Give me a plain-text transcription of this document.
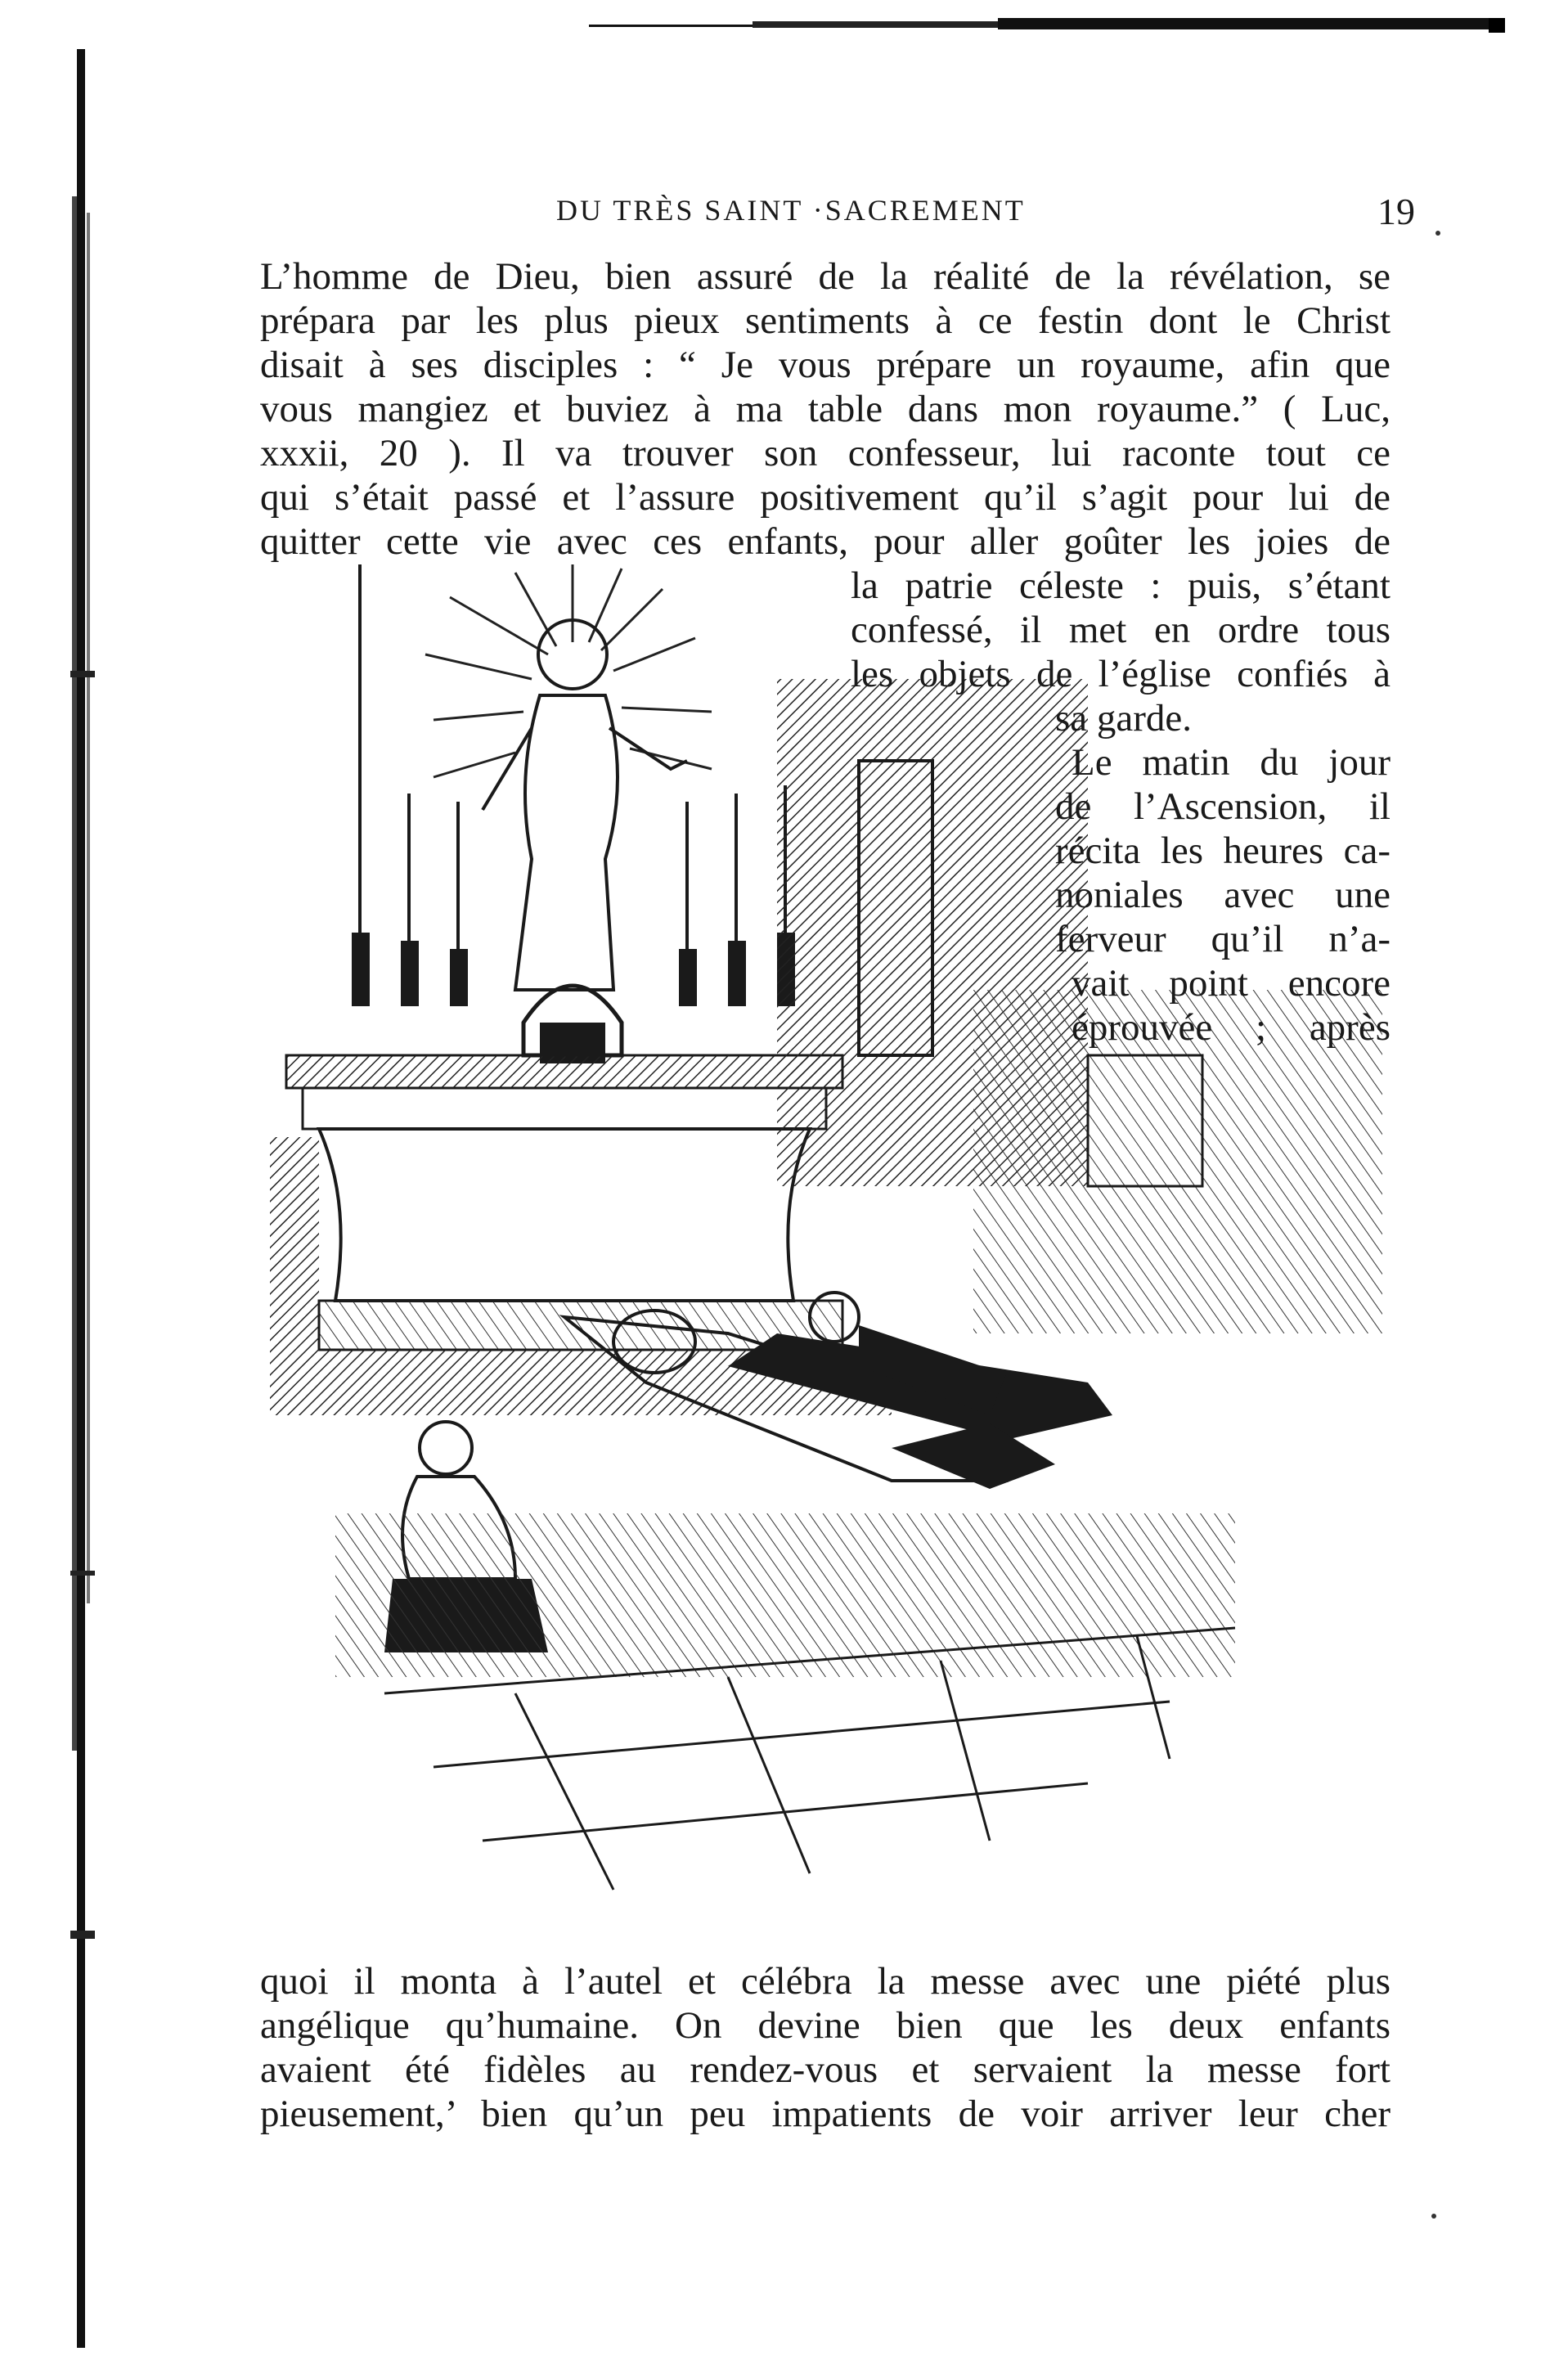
DU TRÈS SAINT ·SACREMENT	19
L’homme de Dieu, bien assuré de la réalité de la révélation, se
prépara par les plus pieux sentiments à ce festin dont le Christ
disait à ses disciples : “ Je vous prépare un royaume, afin que
vous mangiez et buviez à ma table dans mon royaume.” ( Luc,
xxxii, 20 ). Il va trouver son confesseur, lui raconte tout ce
qui s’était passé et l’assure positivement qu’il s’agit pour lui de
quitter cette vie avec ces enfants, pour aller goûter les joies de
la patrie céleste : puis, s’étant
confessé, il met en ordre tous
les objets de l’église confiés à
sa garde.
Le matin du jour
de l’Ascension, il
récita les heures ca-
noniales avec une
ferveur qu’il n’a-
vait point encore
éprouvée ; après
quoi il monta à l’autel et célébra la messe avec une piété plus
angélique qu’humaine. On devine bien que les deux enfants
avaient été fidèles au rendez-vous et servaient la messe fort
pieusement,’ bien qu’un peu impatients de voir arriver leur cher
